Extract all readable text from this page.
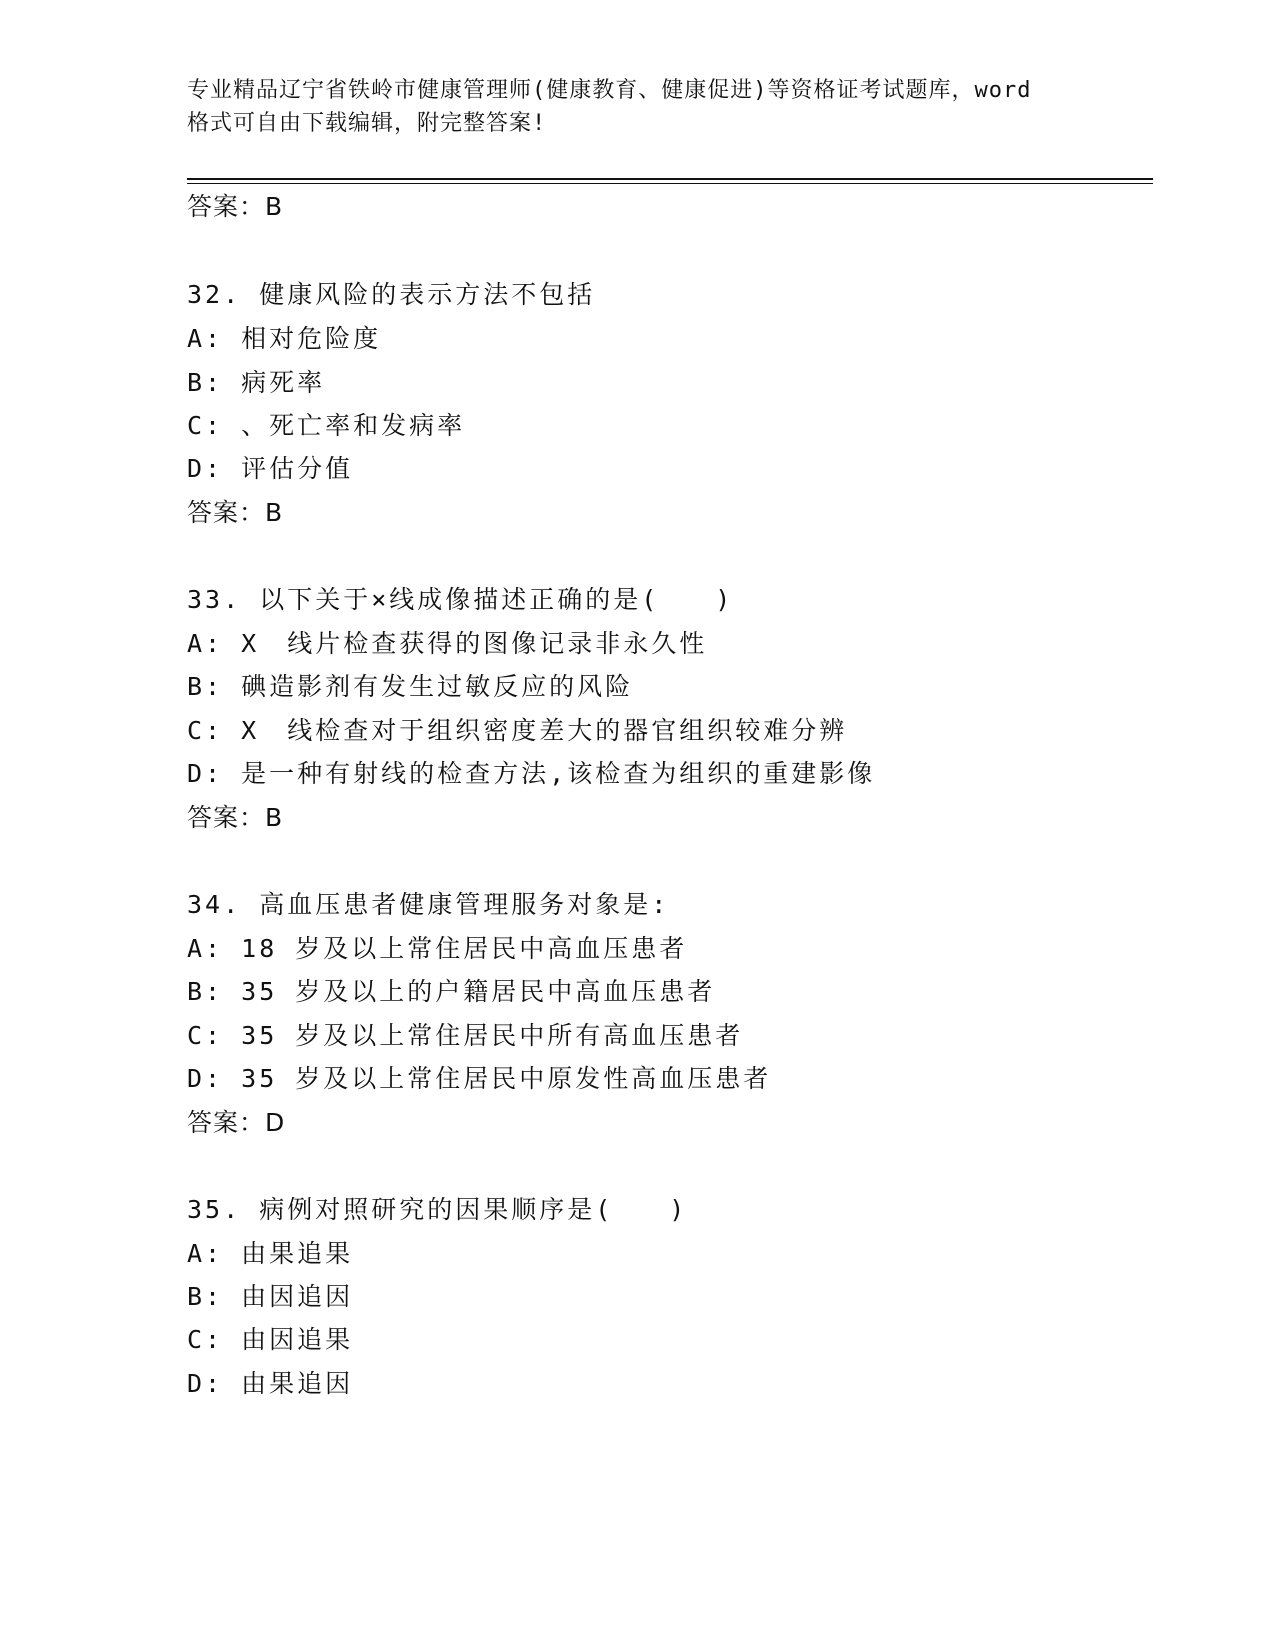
专业精品辽宁省铁岭市健康管理师(健康教育、健康促进)等资格证考试题库，word
格式可自由下载编辑，附完整答案!
答案：B
32. 健康风险的表示方法不包括
A: 相对危险度
B: 病死率
C: 、死亡率和发病率
D: 评估分值
答案：B
33. 以下关于×线成像描述正确的是(　　)
A: X　线片检查获得的图像记录非永久性
B: 碘造影剂有发生过敏反应的风险
C: X　线检查对于组织密度差大的器官组织较难分辨
D: 是一种有射线的检查方法,该检查为组织的重建影像
答案：B
34. 高血压患者健康管理服务对象是:
A: 18 岁及以上常住居民中高血压患者
B: 35 岁及以上的户籍居民中高血压患者
C: 35 岁及以上常住居民中所有高血压患者
D: 35 岁及以上常住居民中原发性高血压患者
答案：D
35. 病例对照研究的因果顺序是(　　)
A: 由果追果
B: 由因追因
C: 由因追果
D: 由果追因
